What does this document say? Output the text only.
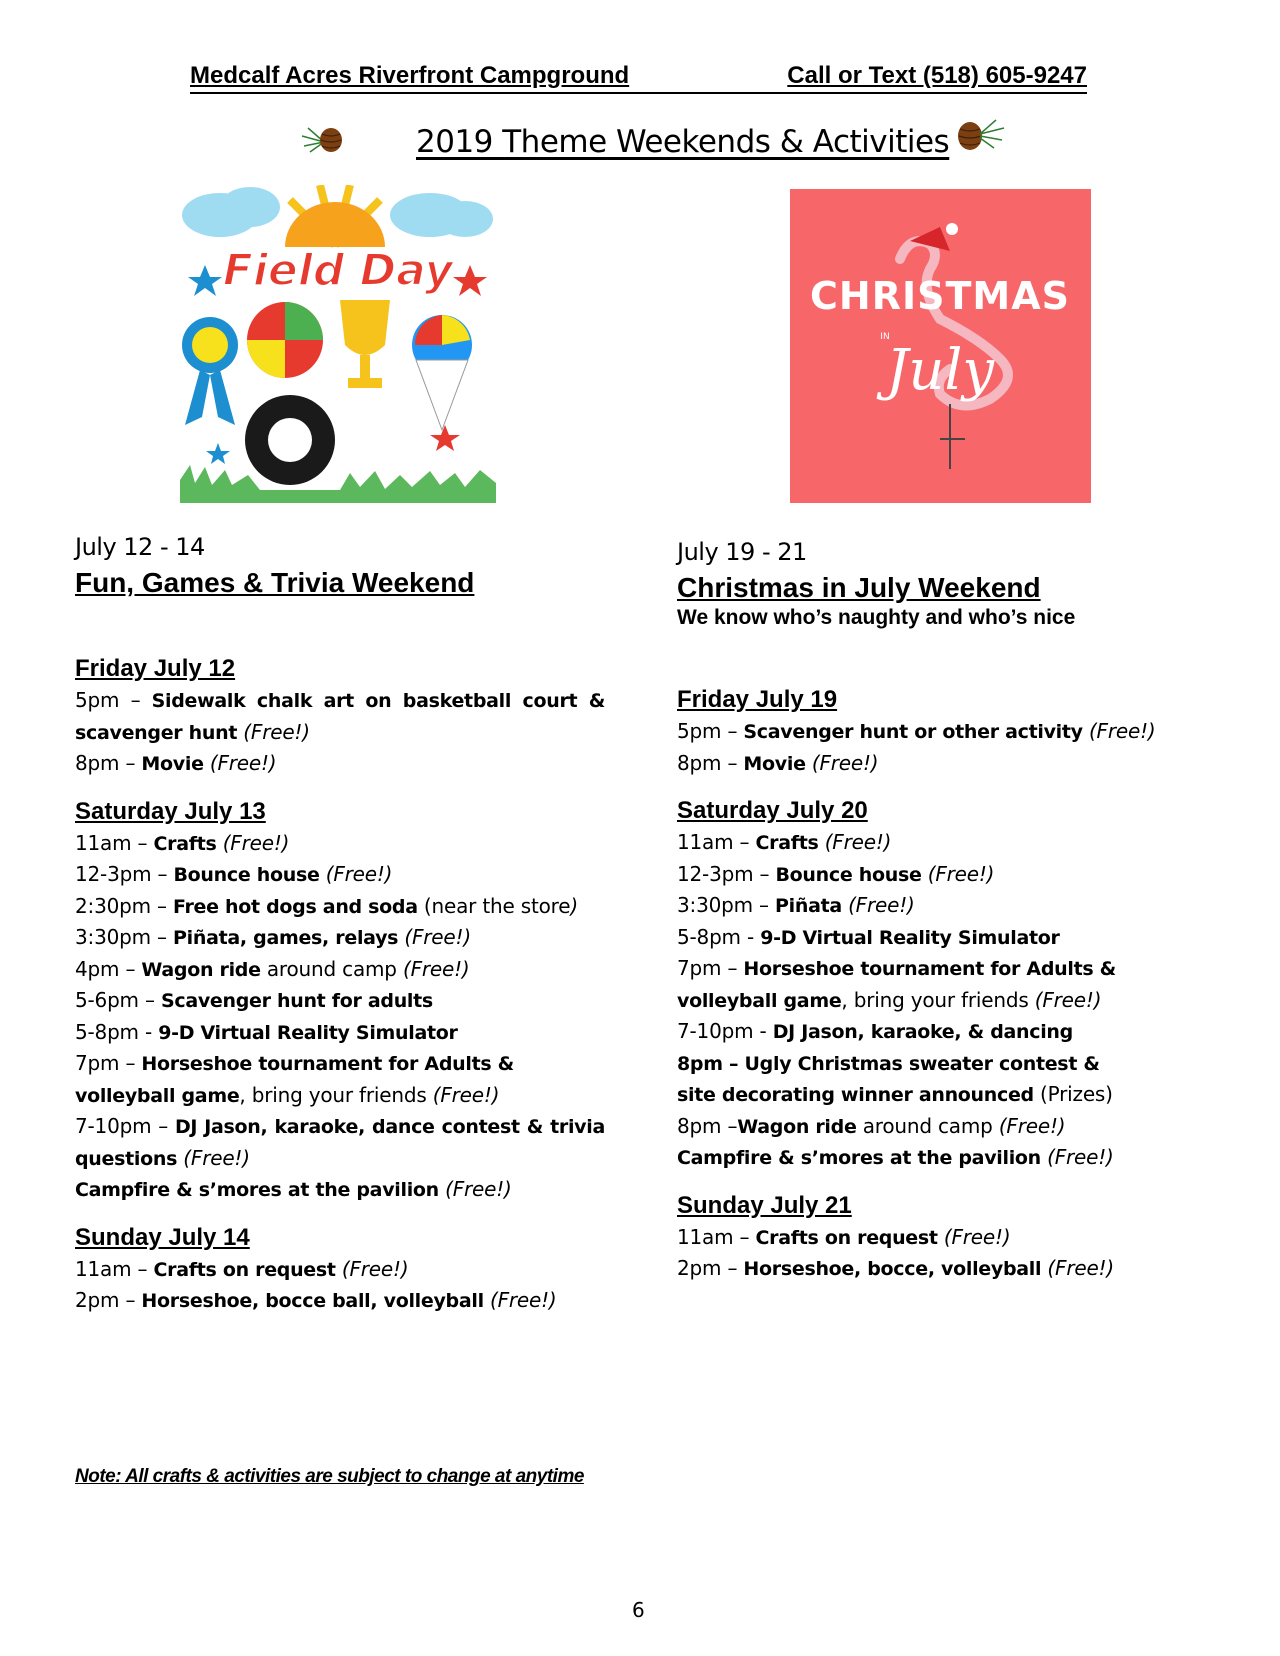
Medcalf Acres Riverfront Campground	Call or Text (518) 605-9247
2019 Theme Weekends & Activities
Field Day	CHRISTMAS
IN
July
July 12 - 14
Fun, Games & Trivia Weekend
Friday July 12
5pm – Sidewalk chalk art on basketball court & scavenger hunt (Free!)
8pm – Movie (Free!)
Saturday July 13
11am – Crafts (Free!)
12-3pm – Bounce house (Free!)
2:30pm – Free hot dogs and soda (near the store)
3:30pm – Piñata, games, relays (Free!)
4pm – Wagon ride around camp (Free!)
5-6pm – Scavenger hunt for adults
5-8pm - 9-D Virtual Reality Simulator
7pm – Horseshoe tournament for Adults &
volleyball game, bring your friends (Free!)
7-10pm – DJ Jason, karaoke, dance contest & trivia questions (Free!)
Campfire & s’mores at the pavilion (Free!)
Sunday July 14
11am – Crafts on request (Free!)
2pm – Horseshoe, bocce ball, volleyball (Free!)
July 19 - 21
Christmas in July Weekend
We know who’s naughty and who’s nice
Friday July 19
5pm – Scavenger hunt or other activity (Free!)
8pm – Movie (Free!)
Saturday July 20
11am – Crafts (Free!)
12-3pm – Bounce house (Free!)
3:30pm – Piñata (Free!)
5-8pm - 9-D Virtual Reality Simulator
7pm – Horseshoe tournament for Adults &
volleyball game, bring your friends (Free!)
7-10pm - DJ Jason, karaoke, & dancing
8pm – Ugly Christmas sweater contest &
site decorating winner announced (Prizes)
8pm –Wagon ride around camp (Free!)
Campfire & s’mores at the pavilion (Free!)
Sunday July 21
11am – Crafts on request (Free!)
2pm – Horseshoe, bocce, volleyball (Free!)
Note: All crafts & activities are subject to change at anytime
6
